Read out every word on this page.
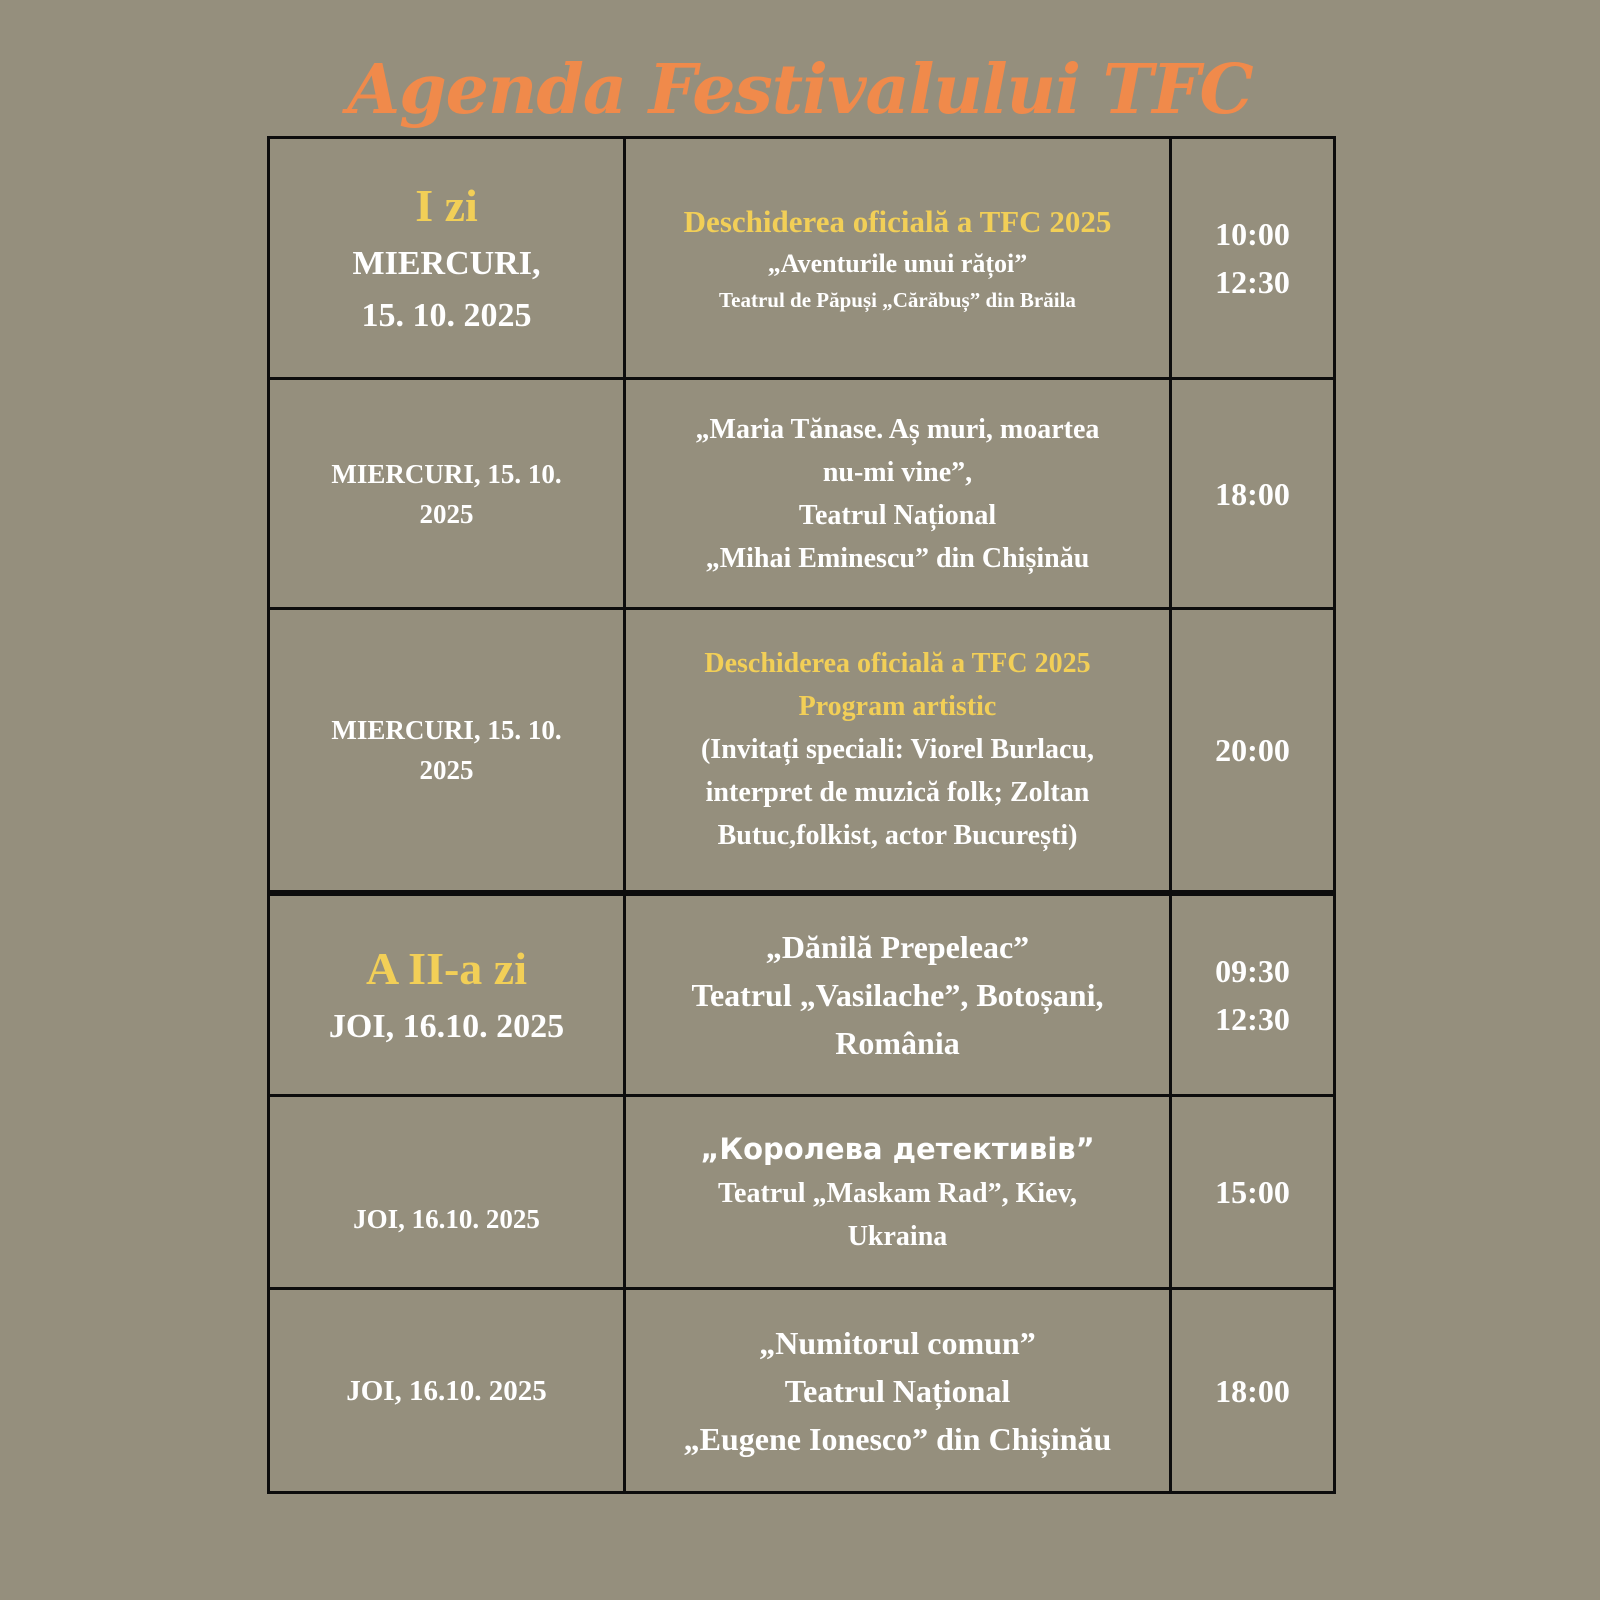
Agenda Festivalului TFC
I zi
MIERCURI,
15. 10. 2025	Deschiderea oficială a TFC 2025
„Aventurile unui rățoi”
Teatrul de Păpuși „Cărăbuș” din Brăila	10:00
12:30

MIERCURI, 15. 10.
2025	„Maria Tănase. Aș muri, moartea
nu-mi vine”,
Teatrul Național
„Mihai Eminescu” din Chișinău	18:00

MIERCURI, 15. 10.
2025	Deschiderea oficială a TFC 2025
Program artistic
(Invitați speciali: Viorel Burlacu,
interpret de muzică folk; Zoltan
Butuc,folkist, actor București)	20:00

A II-a zi
JOI, 16.10. 2025	„Dănilă Prepeleac”
Teatrul „Vasilache”, Botoșani,
România	09:30
12:30

JOI, 16.10. 2025	„Королева детективів”
Teatrul „Maskam Rad”, Kiev,
Ukraina	15:00

JOI, 16.10. 2025	„Numitorul comun”
Teatrul Național
„Eugene Ionesco” din Chișinău	18:00
